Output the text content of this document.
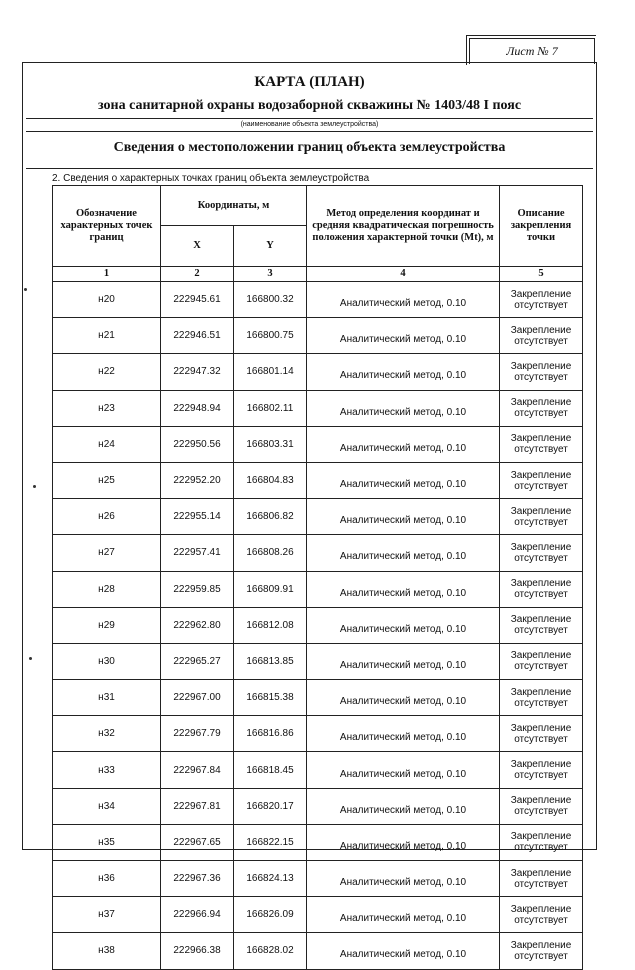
Лист № 7
КАРТА (ПЛАН)
зона санитарной охраны водозаборной скважины № 1403/48 I пояс
(наименование объекта землеустройства)
Сведения о местоположении границ объекта землеустройства
2. Сведения о характерных точках границ объекта землеустройства
Обозначение характерных точек границ	Координаты, м		Метод определения координат и средняя квадратическая погрешность положения характерной точки (Mt), м	Описание закрепления точки
	X	Y		
1	2	3	4	5
н20	222945.61	166800.32	Аналитический метод, 0.10	Закрепление отсутствует
н21	222946.51	166800.75	Аналитический метод, 0.10	Закрепление отсутствует
н22	222947.32	166801.14	Аналитический метод, 0.10	Закрепление отсутствует
н23	222948.94	166802.11	Аналитический метод, 0.10	Закрепление отсутствует
н24	222950.56	166803.31	Аналитический метод, 0.10	Закрепление отсутствует
н25	222952.20	166804.83	Аналитический метод, 0.10	Закрепление отсутствует
н26	222955.14	166806.82	Аналитический метод, 0.10	Закрепление отсутствует
н27	222957.41	166808.26	Аналитический метод, 0.10	Закрепление отсутствует
н28	222959.85	166809.91	Аналитический метод, 0.10	Закрепление отсутствует
н29	222962.80	166812.08	Аналитический метод, 0.10	Закрепление отсутствует
н30	222965.27	166813.85	Аналитический метод, 0.10	Закрепление отсутствует
н31	222967.00	166815.38	Аналитический метод, 0.10	Закрепление отсутствует
н32	222967.79	166816.86	Аналитический метод, 0.10	Закрепление отсутствует
н33	222967.84	166818.45	Аналитический метод, 0.10	Закрепление отсутствует
н34	222967.81	166820.17	Аналитический метод, 0.10	Закрепление отсутствует
н35	222967.65	166822.15	Аналитический метод, 0.10	Закрепление отсутствует
н36	222967.36	166824.13	Аналитический метод, 0.10	Закрепление отсутствует
н37	222966.94	166826.09	Аналитический метод, 0.10	Закрепление отсутствует
н38	222966.38	166828.02	Аналитический метод, 0.10	Закрепление отсутствует
